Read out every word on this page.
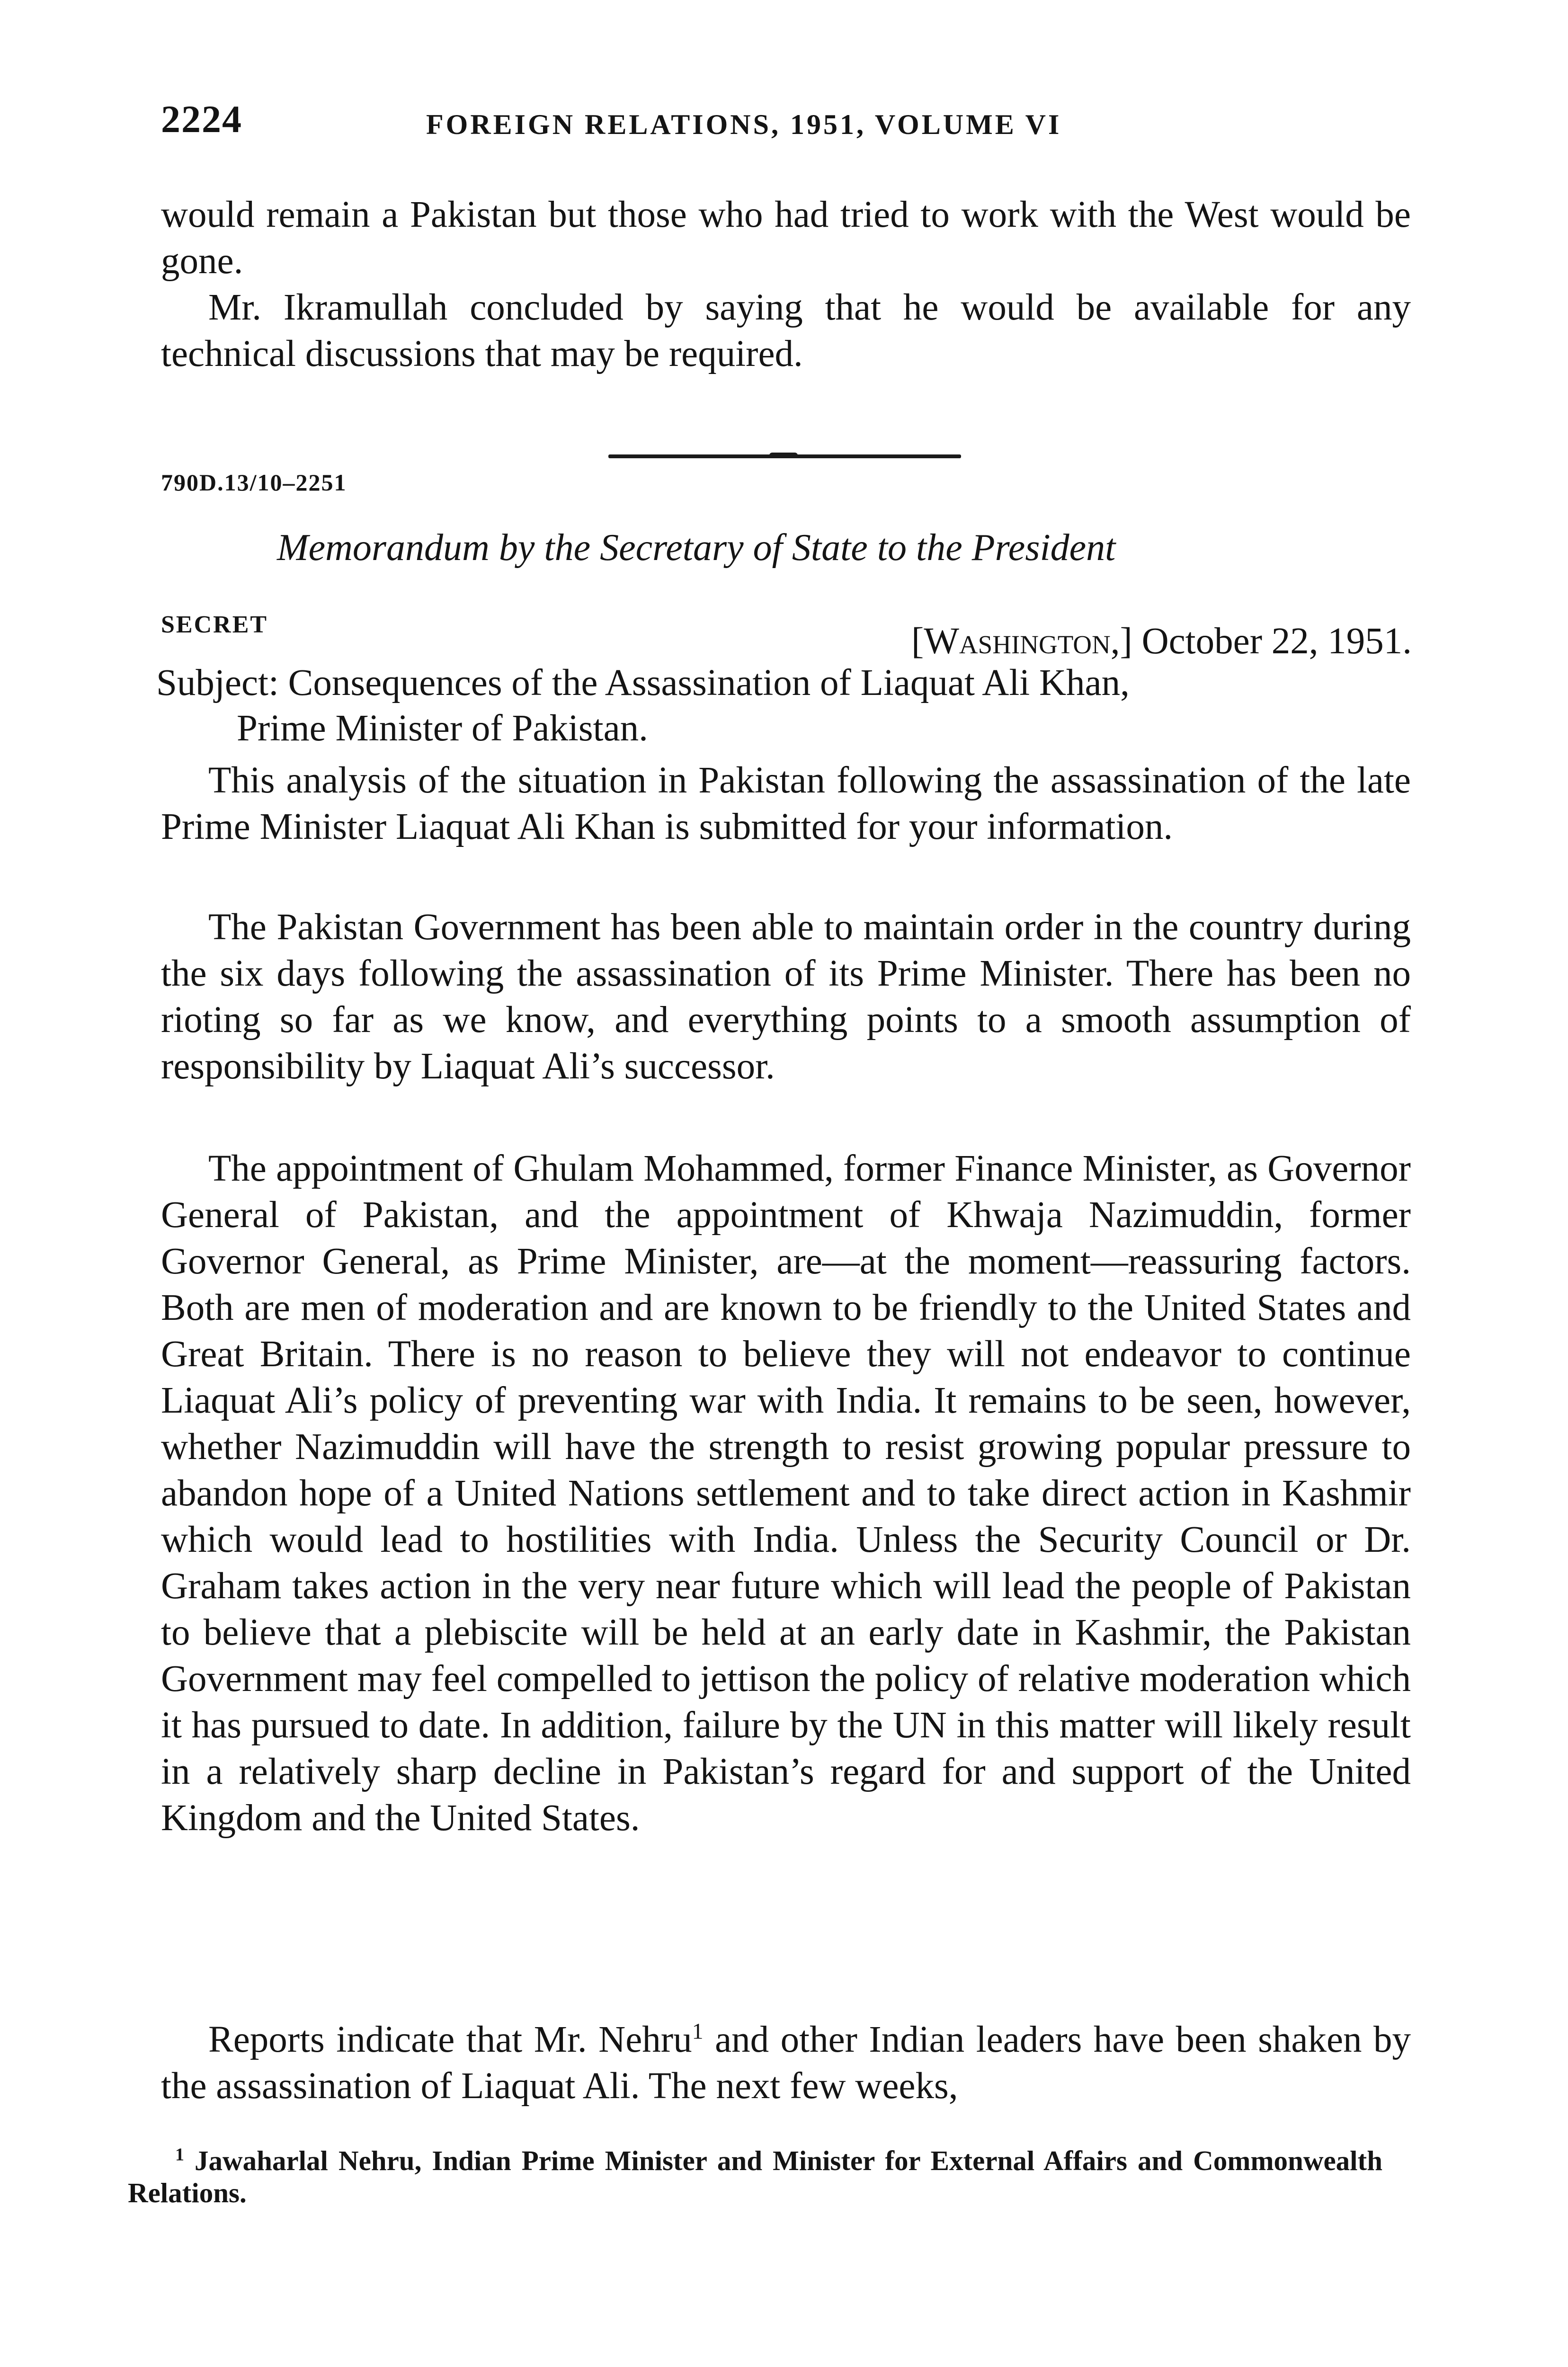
2224	FOREIGN RELATIONS, 1951, VOLUME VI

would remain a Pakistan but those who had tried to work with the West would be gone.

Mr. Ikramullah concluded by saying that he would be available for any technical discussions that may be required.

790D.13/10–2251
Memorandum by the Secretary of State to the President
SECRET	[Washington,] October 22, 1951.
Subject: Consequences of the Assassination of Liaquat Ali Khan,
Prime Minister of Pakistan.

This analysis of the situation in Pakistan following the assassination of the late Prime Minister Liaquat Ali Khan is submitted for your information.

The Pakistan Government has been able to maintain order in the country during the six days following the assassination of its Prime Minister. There has been no rioting so far as we know, and everything points to a smooth assumption of responsibility by Liaquat Ali’s successor.

The appointment of Ghulam Mohammed, former Finance Minister, as Governor General of Pakistan, and the appointment of Khwaja Nazimuddin, former Governor General, as Prime Minister, are—at the moment—reassuring factors. Both are men of moderation and are known to be friendly to the United States and Great Britain. There is no reason to believe they will not endeavor to continue Liaquat Ali’s policy of preventing war with India. It remains to be seen, however, whether Nazimuddin will have the strength to resist growing popular pressure to abandon hope of a United Nations settlement and to take direct action in Kashmir which would lead to hostilities with India. Unless the Security Council or Dr. Graham takes action in the very near future which will lead the people of Pakistan to believe that a plebiscite will be held at an early date in Kashmir, the Pakistan Government may feel compelled to jettison the policy of relative moderation which it has pursued to date. In addition, failure by the UN in this matter will likely result in a relatively sharp decline in Pakistan’s regard for and support of the United Kingdom and the United States.

Reports indicate that Mr. Nehru$^1$ and other Indian leaders have been shaken by the assassination of Liaquat Ali. The next few weeks,

$^1$ Jawaharlal Nehru, Indian Prime Minister and Minister for External Affairs and Commonwealth Relations.
